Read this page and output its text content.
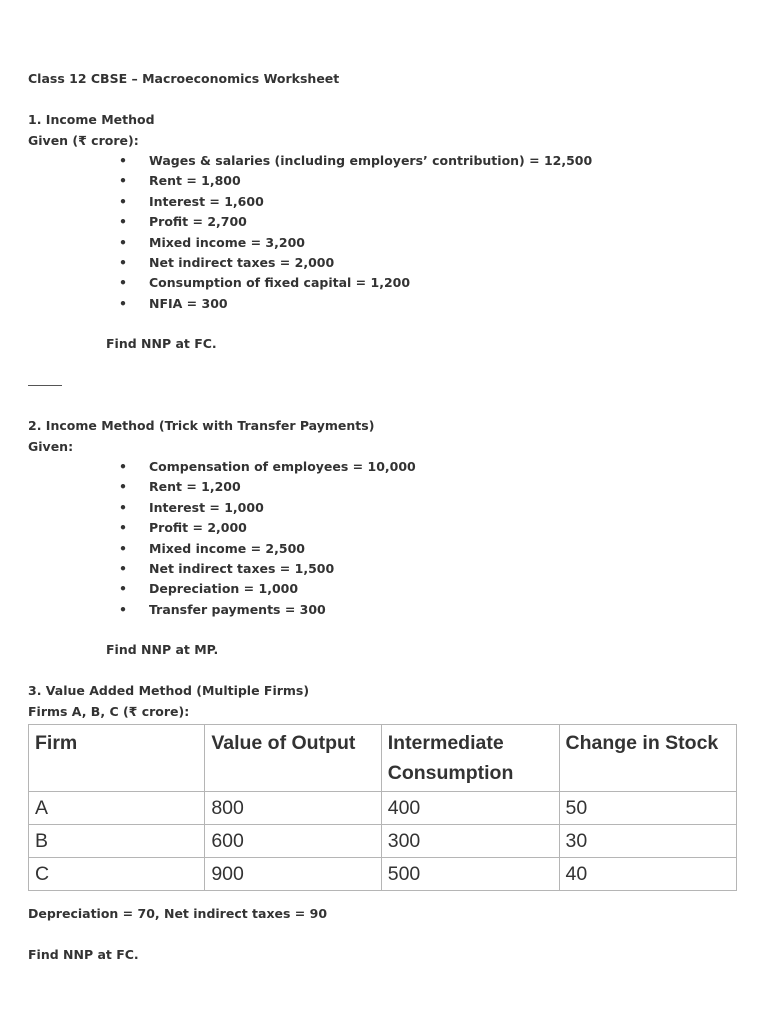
Class 12 CBSE – Macroeconomics Worksheet
1. Income Method
Given (₹ crore):
• Wages & salaries (including employers’ contribution) = 12,500
• Rent = 1,800
• Interest = 1,600
• Profit = 2,700
• Mixed income = 3,200
• Net indirect taxes = 2,000
• Consumption of fixed capital = 1,200
• NFIA = 300
Find NNP at FC.
2. Income Method (Trick with Transfer Payments)
Given:
• Compensation of employees = 10,000
• Rent = 1,200
• Interest = 1,000
• Profit = 2,000
• Mixed income = 2,500
• Net indirect taxes = 1,500
• Depreciation = 1,000
• Transfer payments = 300
Find NNP at MP.
3. Value Added Method (Multiple Firms)
Firms A, B, C (₹ crore):
Firm	Value of Output	Intermediate Consumption	Change in Stock
A	800	400	50
B	600	300	30
C	900	500	40
Depreciation = 70, Net indirect taxes = 90
Find NNP at FC.
